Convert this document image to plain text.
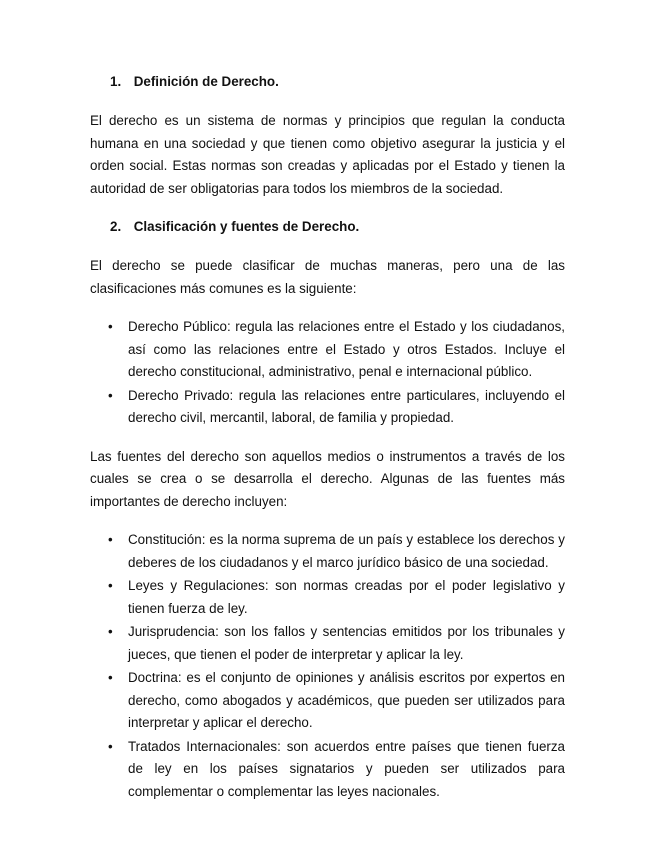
1. Definición de Derecho.

El derecho es un sistema de normas y principios que regulan la conducta humana en una sociedad y que tienen como objetivo asegurar la justicia y el orden social. Estas normas son creadas y aplicadas por el Estado y tienen la autoridad de ser obligatorias para todos los miembros de la sociedad.

2. Clasificación y fuentes de Derecho.

El derecho se puede clasificar de muchas maneras, pero una de las clasificaciones más comunes es la siguiente:

• Derecho Público: regula las relaciones entre el Estado y los ciudadanos, así como las relaciones entre el Estado y otros Estados. Incluye el derecho constitucional, administrativo, penal e internacional público.
• Derecho Privado: regula las relaciones entre particulares, incluyendo el derecho civil, mercantil, laboral, de familia y propiedad.

Las fuentes del derecho son aquellos medios o instrumentos a través de los cuales se crea o se desarrolla el derecho. Algunas de las fuentes más importantes de derecho incluyen:

• Constitución: es la norma suprema de un país y establece los derechos y deberes de los ciudadanos y el marco jurídico básico de una sociedad.
• Leyes y Regulaciones: son normas creadas por el poder legislativo y tienen fuerza de ley.
• Jurisprudencia: son los fallos y sentencias emitidos por los tribunales y jueces, que tienen el poder de interpretar y aplicar la ley.
• Doctrina: es el conjunto de opiniones y análisis escritos por expertos en derecho, como abogados y académicos, que pueden ser utilizados para interpretar y aplicar el derecho.
• Tratados Internacionales: son acuerdos entre países que tienen fuerza de ley en los países signatarios y pueden ser utilizados para complementar o complementar las leyes nacionales.
